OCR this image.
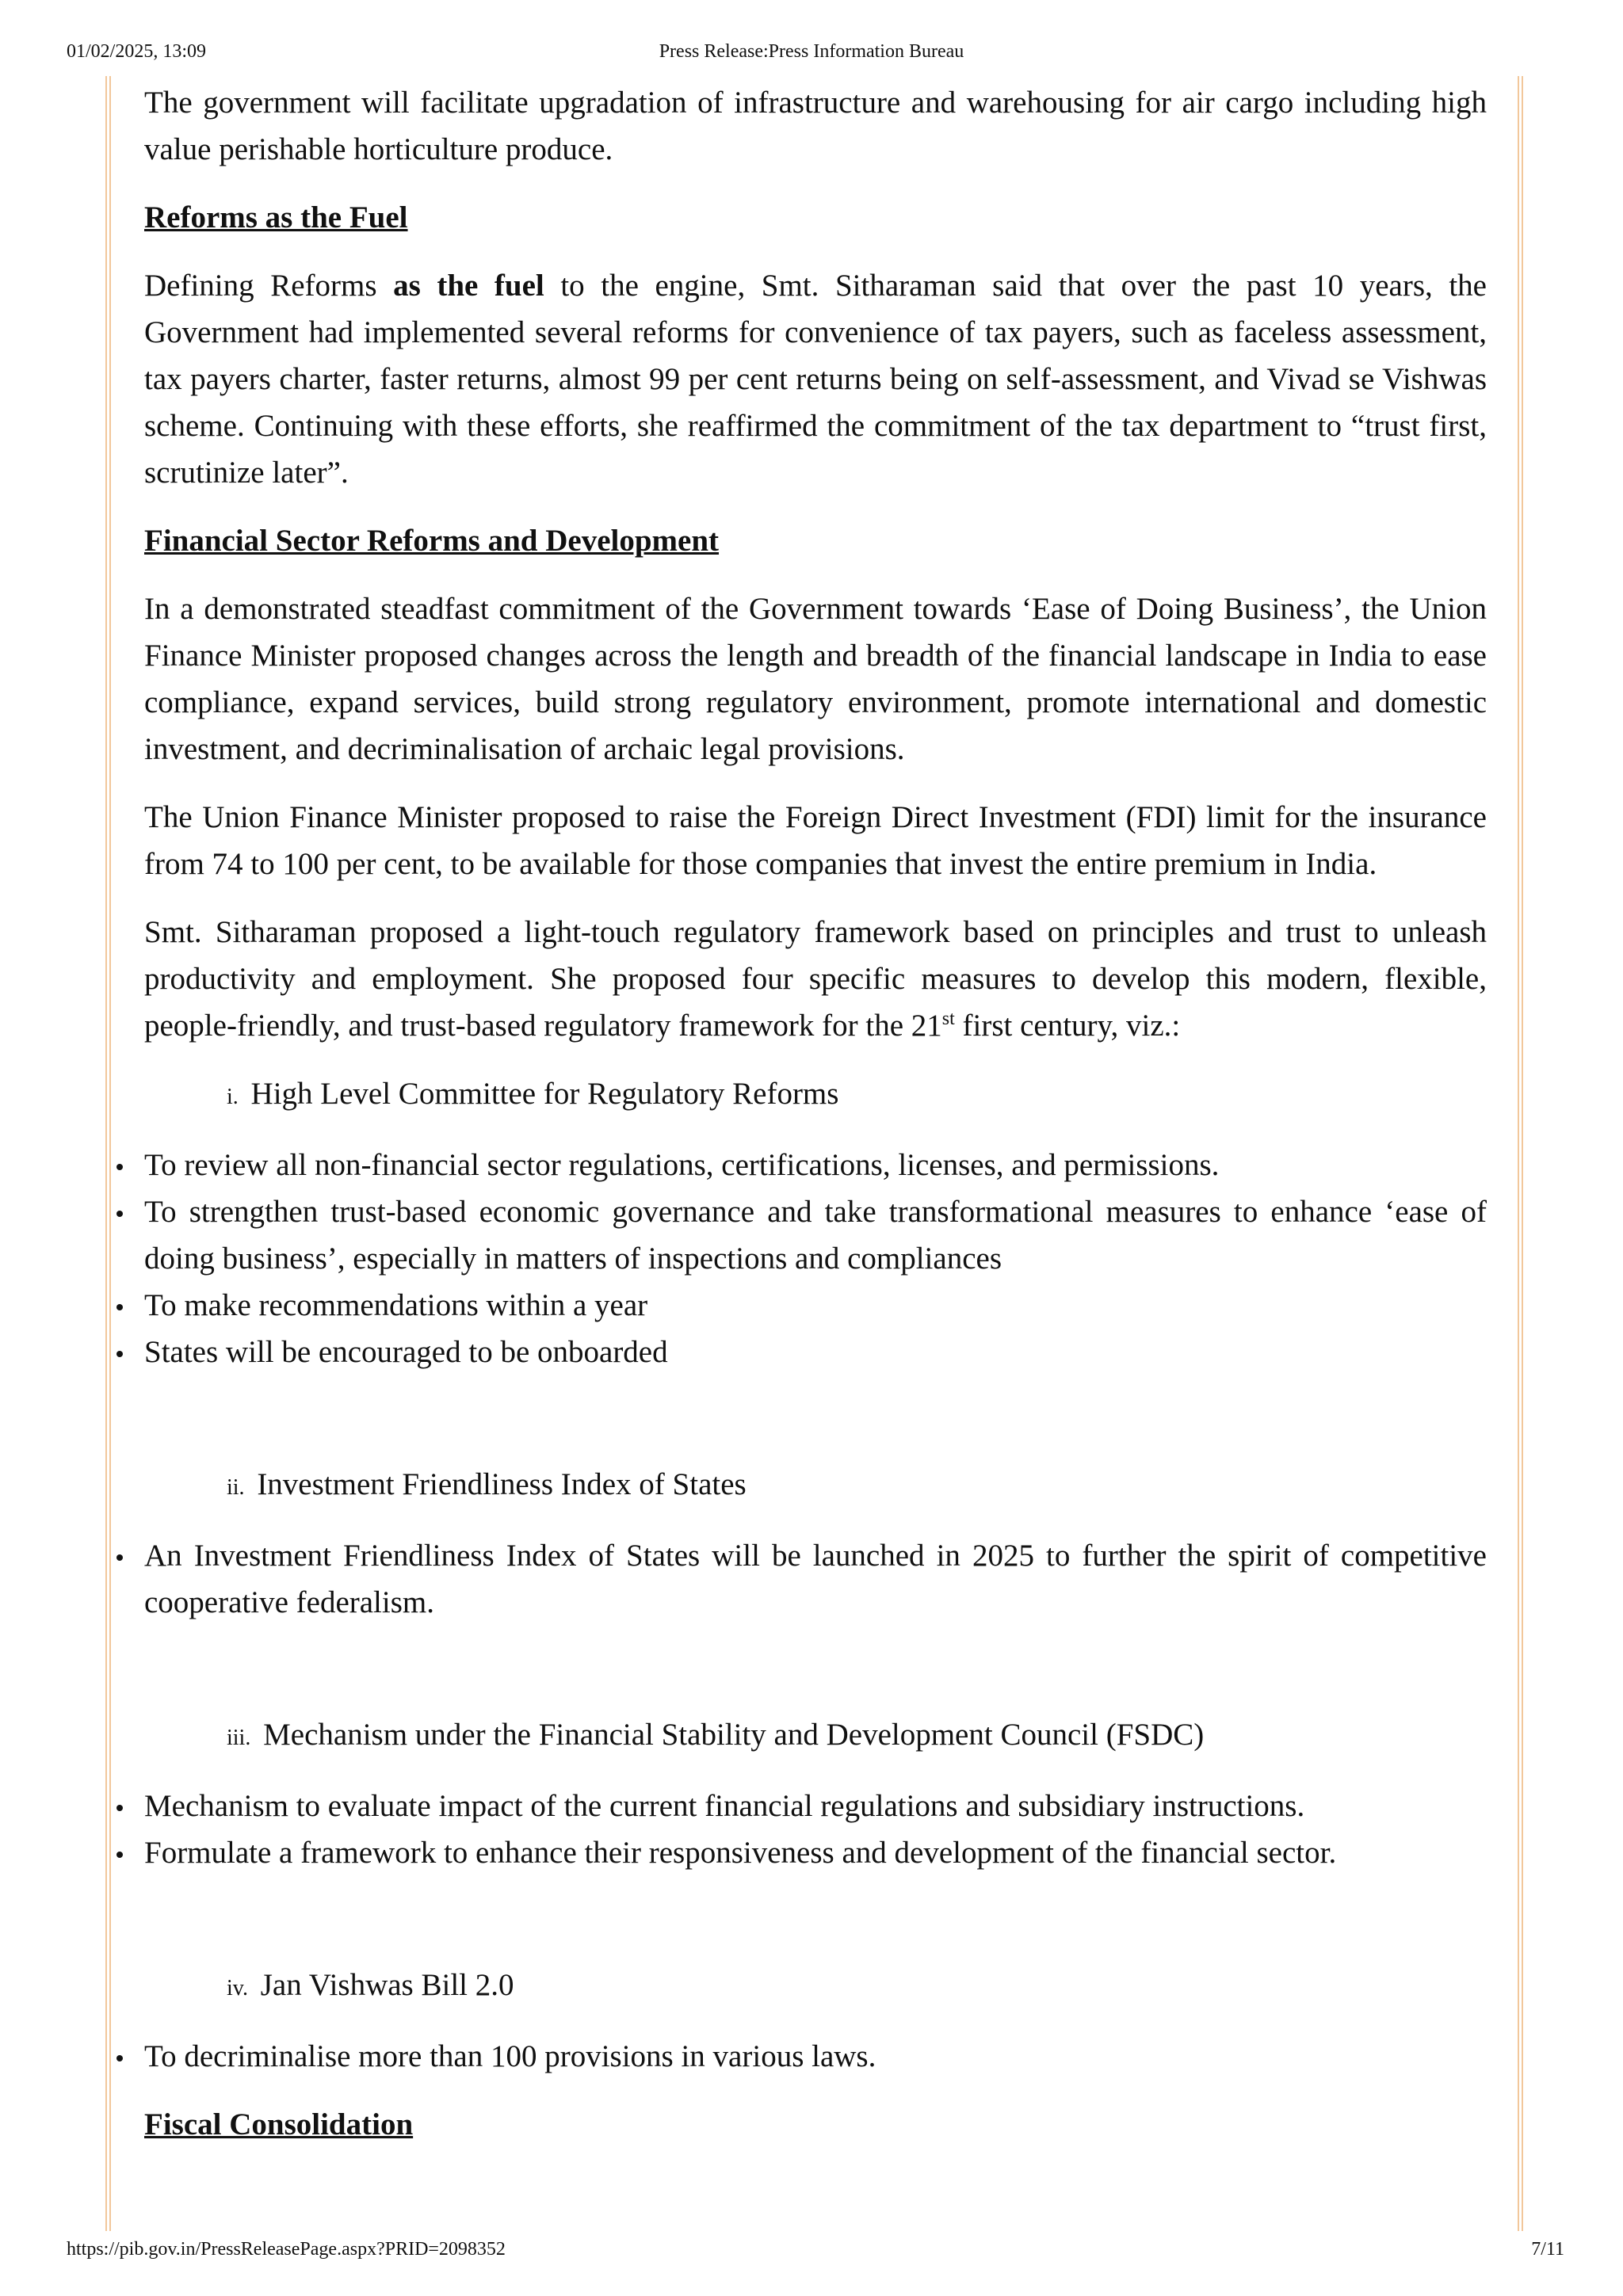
01/02/2025, 13:09	Press Release:Press Information Bureau

The government will facilitate upgradation of infrastructure and warehousing for air cargo including high value perishable horticulture produce.

Reforms as the Fuel

Defining Reforms as the fuel to the engine, Smt. Sitharaman said that over the past 10 years, the Government had implemented several reforms for convenience of tax payers, such as faceless assessment, tax payers charter, faster returns, almost 99 per cent returns being on self-assessment, and Vivad se Vishwas scheme. Continuing with these efforts, she reaffirmed the commitment of the tax department to “trust first, scrutinize later”.

Financial Sector Reforms and Development

In a demonstrated steadfast commitment of the Government towards ‘Ease of Doing Business’, the Union Finance Minister proposed changes across the length and breadth of the financial landscape in India to ease compliance, expand services, build strong regulatory environment, promote international and domestic investment, and decriminalisation of archaic legal provisions.

The Union Finance Minister proposed to raise the Foreign Direct Investment (FDI) limit for the insurance from 74 to 100 per cent, to be available for those companies that invest the entire premium in India.

Smt. Sitharaman proposed a light-touch regulatory framework based on principles and trust to unleash productivity and employment. She proposed four specific measures to develop this modern, flexible, people-friendly, and trust-based regulatory framework for the 21st first century, viz.:

i. High Level Committee for Regulatory Reforms
To review all non-financial sector regulations, certifications, licenses, and permissions.
To strengthen trust-based economic governance and take transformational measures to enhance ‘ease of doing business’, especially in matters of inspections and compliances
To make recommendations within a year
States will be encouraged to be onboarded
ii. Investment Friendliness Index of States
An Investment Friendliness Index of States will be launched in 2025 to further the spirit of competitive cooperative federalism.
iii. Mechanism under the Financial Stability and Development Council (FSDC)
Mechanism to evaluate impact of the current financial regulations and subsidiary instructions.
Formulate a framework to enhance their responsiveness and development of the financial sector.
iv. Jan Vishwas Bill 2.0
To decriminalise more than 100 provisions in various laws.
Fiscal Consolidation
https://pib.gov.in/PressReleasePage.aspx?PRID=2098352	7/11
